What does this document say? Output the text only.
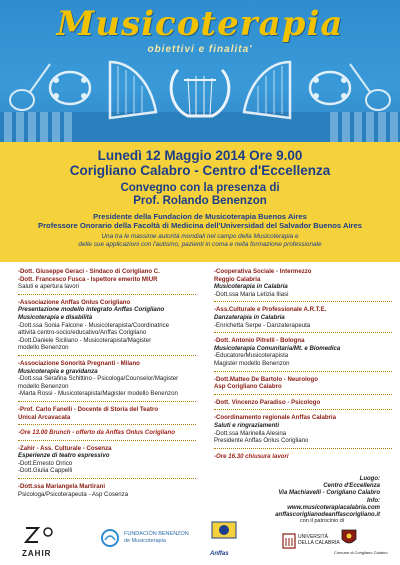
Musicoterapia
obiettivi e finalita'
Lunedì 12 Maggio 2014 Ore 9.00
Corigliano Calabro - Centro d'Eccellenza
Convegno con la presenza di
Prof. Rolando Benenzon
Presidente della Fundacion de Musicoterapia Buenos Aires
Professore Onorario della Facoltà di Medicina dell'Universidad del Salvador Buenos Aires
Una tra le massime autorità mondiali nel campo della Musicoterapia e
delle sue applicazioni con l'autismo, pazienti in coma e nella formazione professionale
-Dott. Giuseppe Geraci - Sindaco di Corigliano C.
-Dott. Francesco Fusca - Ispettore emerito MIUR
Saluti e apertura lavori
-Associazione Anffas Onlus Corigliano
Presentazione modello integrato Anffas Corigliano
Musicoterapia e disabilità
-Dott.ssa Sonia Falcone - Musicoterapista/Coordinatrice
attività centro-socio/educativo/Anffas Corigliano
-Dott.Daniele Siciliano - Musicoterapista/Magister
modello Benenzon
-Associazione Sonorità Pregnanti - Milano
Musicoterapia e gravidanza
-Dott.ssa Serafina Schittino - Psicologa/Counselor/Magister
modello Benenzon
-Marta Rossi - Musicoterapista/Magister modello Benenzon
-Prof. Carlo Fanelli - Docente di Storia del Teatro
Unical Arcavacata
-Ore 13.00 Brunch - offerto da Anffas Onlus Corigliano
-Zahir - Ass. Culturale - Cosenza
Esperienze di teatro espressivo
-Dott.Ernesto Orrico
-Dott.Giulia Cappelli
-Dott.ssa Mariangela Martirani
Psicologa/Psicoterapeuta - Asp Cosenza
-Cooperativa Sociale - Intermezzo
Reggio Calabria
Musicoterapia in Calabria
-Dott.ssa Maria Letizia Iliasi
-Ass.Culturale e Professionale A.R.T.E.
Danzaterapia in Calabria
-Enrichetta Serpe - Danzaterapeuta
-Dott. Antonio Pitrelli - Bologna
Musicoterapia Comunitaria/Mt. e Biomedica
-Educatore/Musicoterapista
Magister modello Benenzon
-Dott.Matteo De Bartolo - Neurologo
Asp Corigliano Calabro
-Dott. Vincenzo Paradiso - Psicologo
-Coordinamento regionale Anffas Calabria
Saluti e ringraziamenti
-Dott.ssa Marinella Alesina
Presidente Anffas Onlus Corigliano
-Ore 16.30 chiusura lavori
Luogo:
Centro d'Eccellenza
Via Machiavelli - Corigliano Calabro
Info:
www.musicoterapiacalabria.com
anffascoriglianodeanffascorigliano.it
ZAHIR
FUNDACIÓN BENENZON
de Musicoterapia
Anffas
con il patrocinio di
UNIVERSITÀ
DELLA CALABRIA
Comune di Corigliano Calabro
